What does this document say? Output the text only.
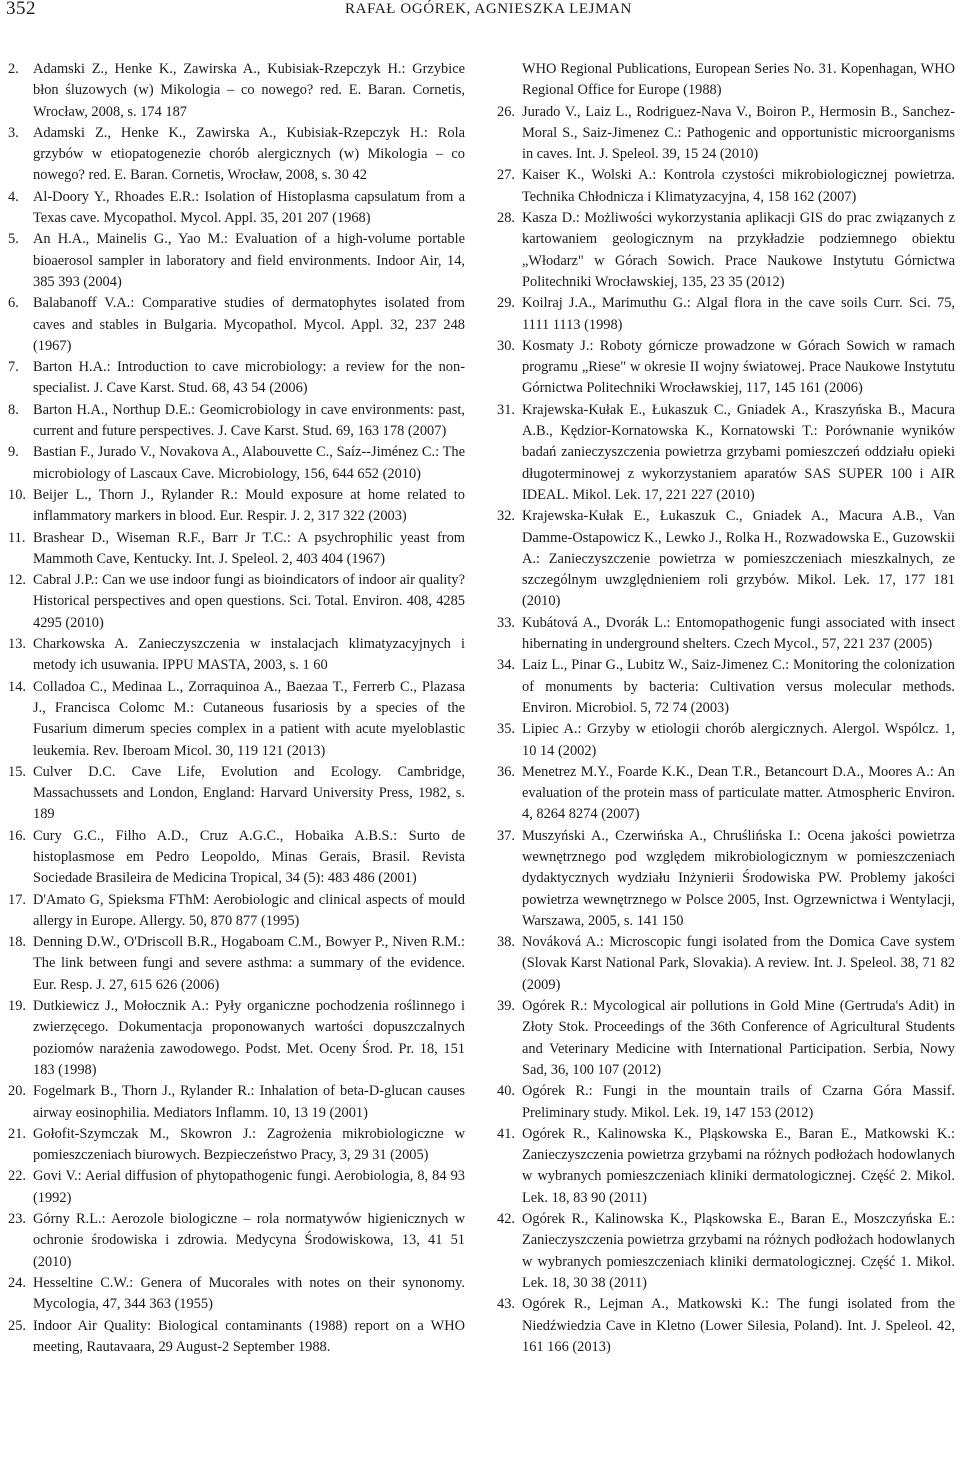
352	RAFAŁ OGÓREK, AGNIESZKA LEJMAN
2. Adamski Z., Henke K., Zawirska A., Kubisiak-Rzepczyk H.: Grzybice błon śluzowych (w) Mikologia – co nowego? red. E. Baran. Cornetis, Wrocław, 2008, s. 174 187
3. Adamski Z., Henke K., Zawirska A., Kubisiak-Rzepczyk H.: Rola grzybów w etiopatogenezie chorób alergicznych (w) Mikologia – co nowego? red. E. Baran. Cornetis, Wrocław, 2008, s. 30 42
4. Al-Doory Y., Rhoades E.R.: Isolation of Histoplasma capsulatum from a Texas cave. Mycopathol. Mycol. Appl. 35, 201 207 (1968)
5. An H.A., Mainelis G., Yao M.: Evaluation of a high-volume portable bioaerosol sampler in laboratory and field environments. Indoor Air, 14, 385 393 (2004)
6. Balabanoff V.A.: Comparative studies of dermatophytes isolated from caves and stables in Bulgaria. Mycopathol. Mycol. Appl. 32, 237 248 (1967)
7. Barton H.A.: Introduction to cave microbiology: a review for the non-specialist. J. Cave Karst. Stud. 68, 43 54 (2006)
8. Barton H.A., Northup D.E.: Geomicrobiology in cave environments: past, current and future perspectives. J. Cave Karst. Stud. 69, 163 178 (2007)
9. Bastian F., Jurado V., Novakova A., Alabouvette C., Saíz--Jiménez C.: The microbiology of Lascaux Cave. Microbiology, 156, 644 652 (2010)
10. Beijer L., Thorn J., Rylander R.: Mould exposure at home related to inflammatory markers in blood. Eur. Respir. J. 2, 317 322 (2003)
11. Brashear D., Wiseman R.F., Barr Jr T.C.: A psychrophilic yeast from Mammoth Cave, Kentucky. Int. J. Speleol. 2, 403 404 (1967)
12. Cabral J.P.: Can we use indoor fungi as bioindicators of indoor air quality? Historical perspectives and open questions. Sci. Total. Environ. 408, 4285 4295 (2010)
13. Charkowska A. Zanieczyszczenia w instalacjach klimatyzacyjnych i metody ich usuwania. IPPU MASTA, 2003, s. 1 60
14. Colladoa C., Medinaa L., Zorraquinoa A., Baezaa T., Ferrerb C., Plazasa J., Francisca Colomc M.: Cutaneous fusariosis by a species of the Fusarium dimerum species complex in a patient with acute myeloblastic leukemia. Rev. Iberoam Micol. 30, 119 121 (2013)
15. Culver D.C. Cave Life, Evolution and Ecology. Cambridge, Massachussets and London, England: Harvard University Press, 1982, s. 189
16. Cury G.C., Filho A.D., Cruz A.G.C., Hobaika A.B.S.: Surto de histoplasmose em Pedro Leopoldo, Minas Gerais, Brasil. Revista Sociedade Brasileira de Medicina Tropical, 34 (5): 483 486 (2001)
17. D'Amato G, Spieksma FThM: Aerobiologic and clinical aspects of mould allergy in Europe. Allergy. 50, 870 877 (1995)
18. Denning D.W., O'Driscoll B.R., Hogaboam C.M., Bowyer P., Niven R.M.: The link between fungi and severe asthma: a summary of the evidence. Eur. Resp. J. 27, 615 626 (2006)
19. Dutkiewicz J., Mołocznik A.: Pyły organiczne pochodzenia roślinnego i zwierzęcego. Dokumentacja proponowanych wartości dopuszczalnych poziomów narażenia zawodowego. Podst. Met. Oceny Środ. Pr. 18, 151 183 (1998)
20. Fogelmark B., Thorn J., Rylander R.: Inhalation of beta-D-glucan causes airway eosinophilia. Mediators Inflamm. 10, 13 19 (2001)
21. Gołofit-Szymczak M., Skowron J.: Zagrożenia mikrobiologiczne w pomieszczeniach biurowych. Bezpieczeństwo Pracy, 3, 29 31 (2005)
22. Govi V.: Aerial diffusion of phytopathogenic fungi. Aerobiologia, 8, 84 93 (1992)
23. Górny R.L.: Aerozole biologiczne – rola normatywów higienicznych w ochronie środowiska i zdrowia. Medycyna Środowiskowa, 13, 41 51 (2010)
24. Hesseltine C.W.: Genera of Mucorales with notes on their synonomy. Mycologia, 47, 344 363 (1955)
25. Indoor Air Quality: Biological contaminants (1988) report on a WHO meeting, Rautavaara, 29 August-2 September 1988.
WHO Regional Publications, European Series No. 31. Kopenhagan, WHO Regional Office for Europe (1988)
26. Jurado V., Laiz L., Rodriguez-Nava V., Boiron P., Hermosin B., Sanchez-Moral S., Saiz-Jimenez C.: Pathogenic and opportunistic microorganisms in caves. Int. J. Speleol. 39, 15 24 (2010)
27. Kaiser K., Wolski A.: Kontrola czystości mikrobiologicznej powietrza. Technika Chłodnicza i Klimatyzacyjna, 4, 158 162 (2007)
28. Kasza D.: Możliwości wykorzystania aplikacji GIS do prac związanych z kartowaniem geologicznym na przykładzie podziemnego obiektu „Włodarz" w Górach Sowich. Prace Naukowe Instytutu Górnictwa Politechniki Wrocławskiej, 135, 23 35 (2012)
29. Koilraj J.A., Marimuthu G.: Algal flora in the cave soils Curr. Sci. 75, 1111 1113 (1998)
30. Kosmaty J.: Roboty górnicze prowadzone w Górach Sowich w ramach programu „Riese" w okresie II wojny światowej. Prace Naukowe Instytutu Górnictwa Politechniki Wrocławskiej, 117, 145 161 (2006)
31. Krajewska-Kułak E., Łukaszuk C., Gniadek A., Kraszyńska B., Macura A.B., Kędzior-Kornatowska K., Kornatowski T.: Porównanie wyników badań zanieczyszczenia powietrza grzybami pomieszczeń oddziału opieki długoterminowej z wykorzystaniem aparatów SAS SUPER 100 i AIR IDEAL. Mikol. Lek. 17, 221 227 (2010)
32. Krajewska-Kułak E., Łukaszuk C., Gniadek A., Macura A.B., Van Damme-Ostapowicz K., Lewko J., Rolka H., Rozwadowska E., Guzowskii A.: Zanieczyszczenie powietrza w pomieszczeniach mieszkalnych, ze szczególnym uwzględnieniem roli grzybów. Mikol. Lek. 17, 177 181 (2010)
33. Kubátová A., Dvorák L.: Entomopathogenic fungi associated with insect hibernating in underground shelters. Czech Mycol., 57, 221 237 (2005)
34. Laiz L., Pinar G., Lubitz W., Saiz-Jimenez C.: Monitoring the colonization of monuments by bacteria: Cultivation versus molecular methods. Environ. Microbiol. 5, 72 74 (2003)
35. Lipiec A.: Grzyby w etiologii chorób alergicznych. Alergol. Wspólcz. 1, 10 14 (2002)
36. Menetrez M.Y., Foarde K.K., Dean T.R., Betancourt D.A., Moores A.: An evaluation of the protein mass of particulate matter. Atmospheric Environ. 4, 8264 8274 (2007)
37. Muszyński A., Czerwińska A., Chruślińska I.: Ocena jakości powietrza wewnętrznego pod względem mikrobiologicznym w pomieszczeniach dydaktycznych wydziału Inżynierii Środowiska PW. Problemy jakości powietrza wewnętrznego w Polsce 2005, Inst. Ogrzewnictwa i Wentylacji, Warszawa, 2005, s. 141 150
38. Nováková A.: Microscopic fungi isolated from the Domica Cave system (Slovak Karst National Park, Slovakia). A review. Int. J. Speleol. 38, 71 82 (2009)
39. Ogórek R.: Mycological air pollutions in Gold Mine (Gertruda's Adit) in Złoty Stok. Proceedings of the 36th Conference of Agricultural Students and Veterinary Medicine with International Participation. Serbia, Nowy Sad, 36, 100 107 (2012)
40. Ogórek R.: Fungi in the mountain trails of Czarna Góra Massif. Preliminary study. Mikol. Lek. 19, 147 153 (2012)
41. Ogórek R., Kalinowska K., Pląskowska E., Baran E., Matkowski K.: Zanieczyszczenia powietrza grzybami na różnych podłożach hodowlanych w wybranych pomieszczeniach kliniki dermatologicznej. Część 2. Mikol. Lek. 18, 83 90 (2011)
42. Ogórek R., Kalinowska K., Pląskowska E., Baran E., Moszczyńska E.: Zanieczyszczenia powietrza grzybami na różnych podłożach hodowlanych w wybranych pomieszczeniach kliniki dermatologicznej. Część 1. Mikol. Lek. 18, 30 38 (2011)
43. Ogórek R., Lejman A., Matkowski K.: The fungi isolated from the Niedźwiedzia Cave in Kletno (Lower Silesia, Poland). Int. J. Speleol. 42, 161 166 (2013)
